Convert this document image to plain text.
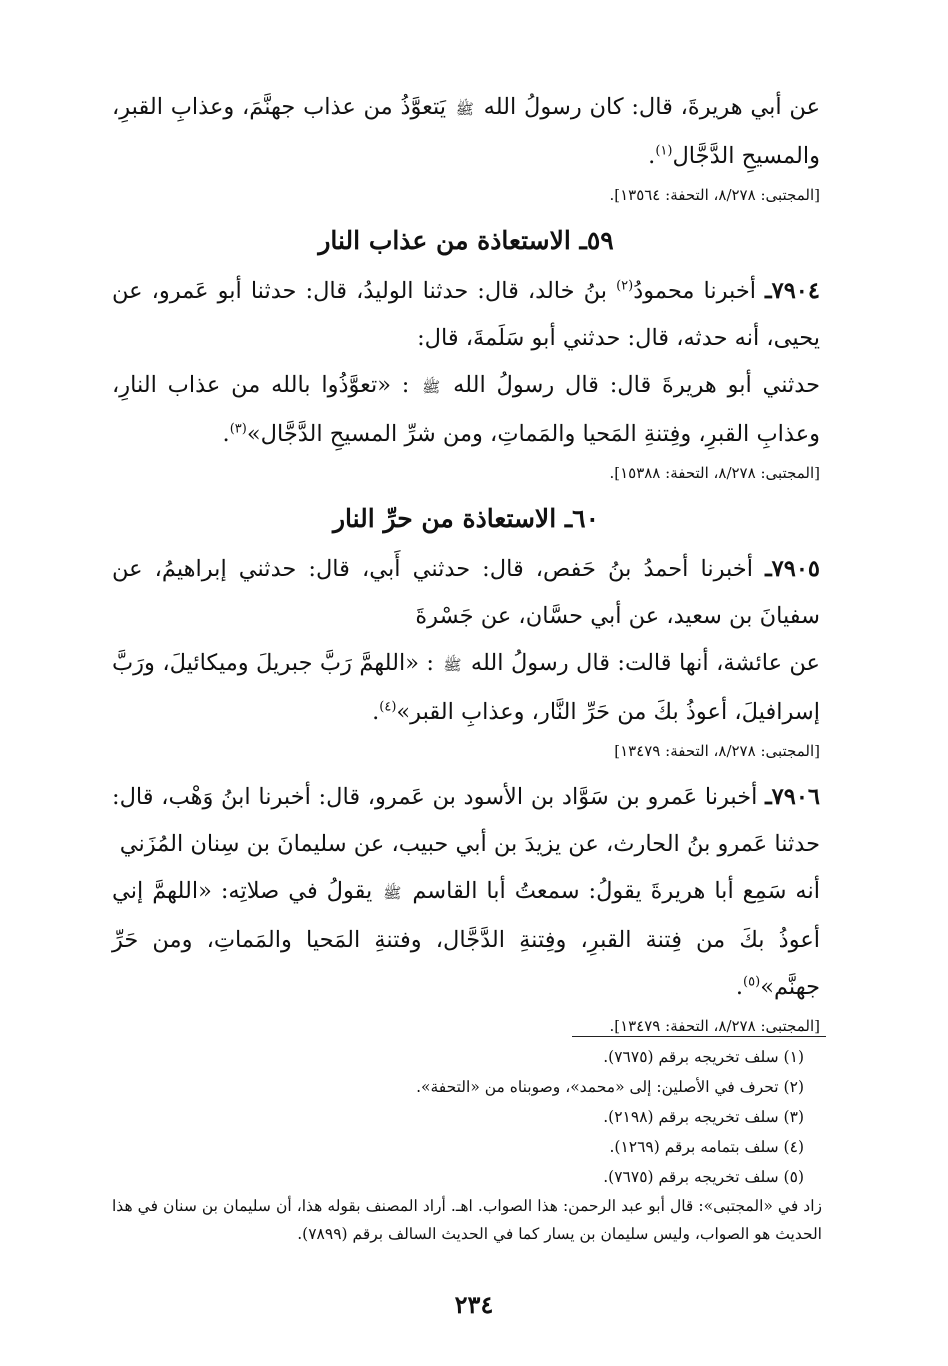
عن أبي هريرةَ، قال: كان رسولُ الله ﷺ يَتعوَّذُ من عذاب جهنَّمَ، وعذابِ القبرِ، والمسيحِ الدَّجَّال$^{(١)}$.

[المجتبى: ٨/٢٧٨، التحفة: ١٣٥٦٤].
٥٩ـ الاستعاذة من عذاب النار

٧٩٠٤ـ أخبرنا محمودُ$^{(٢)}$ بنُ خالد، قال: حدثنا الوليدُ، قال: حدثنا أبو عَمرو، عن يحيى، أنه حدثه، قال: حدثني أبو سَلَمةَ، قال:

حدثني أبو هريرةَ قال: قال رسولُ الله ﷺ : «تعوَّذُوا بالله من عذاب النارِ، وعذابِ القبرِ، وفِتنةِ المَحيا والمَماتِ، ومن شرِّ المسيحِ الدَّجَّال»$^{(٣)}$.

[المجتبى: ٨/٢٧٨، التحفة: ١٥٣٨٨].
٦٠ـ الاستعاذة من حرِّ النار

٧٩٠٥ـ أخبرنا أحمدُ بنُ حَفص، قال: حدثني أَبي، قال: حدثني إبراهيمُ، عن سفيانَ بن سعيد، عن أبي حسَّان، عن جَسْرةَ

عن عائشة، أنها قالت: قال رسولُ الله ﷺ : «اللهمَّ رَبَّ جبريلَ وميكائيلَ، ورَبَّ إسرافيلَ، أعوذُ بكَ من حَرِّ النَّار، وعذابِ القبر»$^{(٤)}$.

[المجتبى: ٨/٢٧٨، التحفة: ١٣٤٧٩]

٧٩٠٦ـ أخبرنا عَمرو بن سَوَّاد بن الأسود بن عَمرو، قال: أخبرنا ابنُ وَهْب، قال: حدثنا عَمرو بنُ الحارث، عن يزيدَ بن أبي حبيب، عن سليمانَ بن سِنان المُزَني

أنه سَمِع أبا هريرةَ يقولُ: سمعتُ أبا القاسم ﷺ يقولُ في صلاتِه: «اللهمَّ إني أعوذُ بكَ من فِتنة القبرِ، وفِتنةِ الدَّجَّال، وفتنةِ المَحيا والمَماتِ، ومن حَرِّ جهنَّم»$^{(٥)}$.

[المجتبى: ٨/٢٧٨، التحفة: ١٣٤٧٩].

(١) سلف تخريجه برقم (٧٦٧٥).

(٢) تحرف في الأصلين: إلى «محمد»، وصوبناه من «التحفة».

(٣) سلف تخريجه برقم (٢١٩٨).

(٤) سلف بتمامه برقم (١٢٦٩).

(٥) سلف تخريجه برقم (٧٦٧٥).

زاد في «المجتبى»: قال أبو عبد الرحمن: هذا الصواب. اهـ. أراد المصنف بقوله هذا، أن سليمان بن سنان في هذا الحديث هو الصواب، وليس سليمان بن يسار كما في الحديث السالف برقم (٧٨٩٩).

٢٣٤
